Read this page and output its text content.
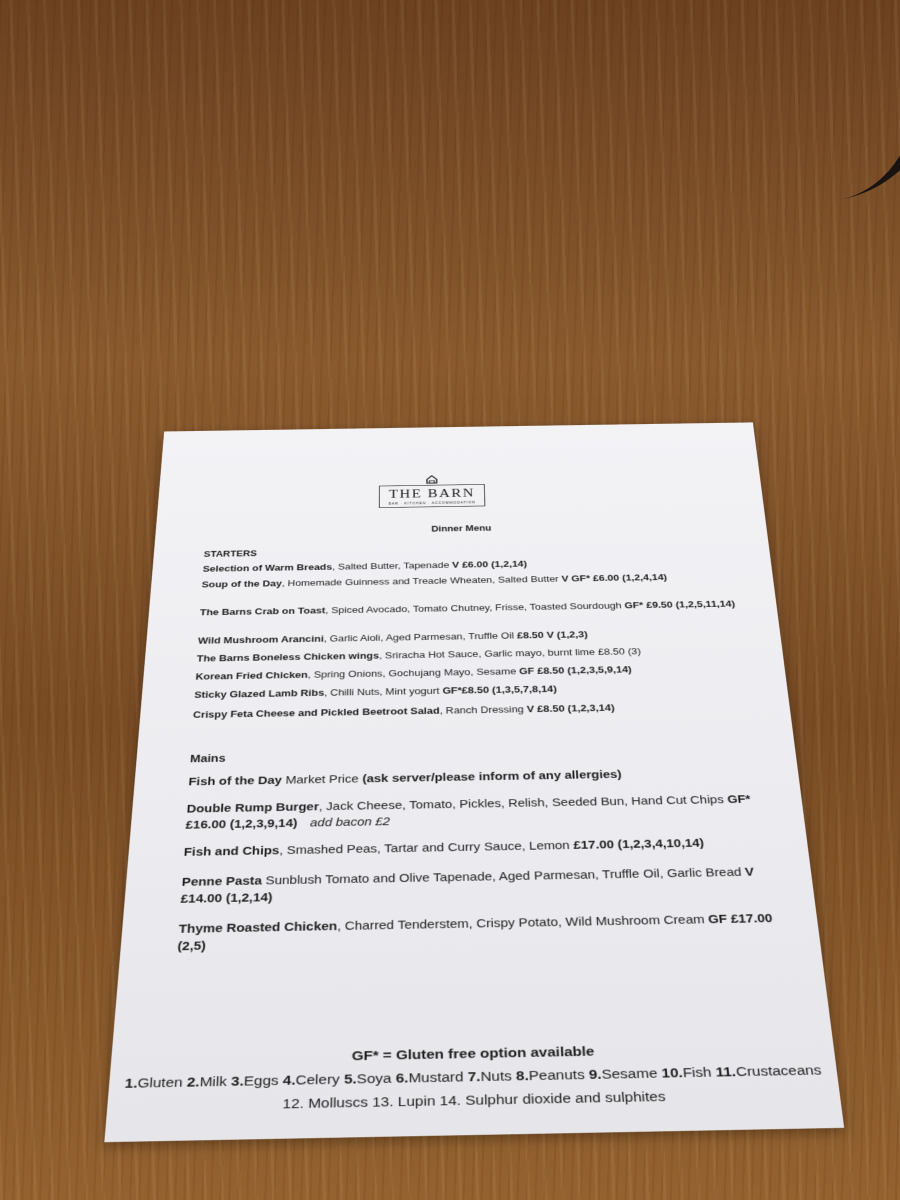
THE BARN
BAR · KITCHEN · ACCOMMODATION
Dinner Menu
STARTERS
Selection of Warm Breads, Salted Butter, Tapenade V £6.00 (1,2,14)
Soup of the Day, Homemade Guinness and Treacle Wheaten, Salted Butter V GF* £6.00 (1,2,4,14)
The Barns Crab on Toast, Spiced Avocado, Tomato Chutney, Frisse, Toasted Sourdough GF* £9.50 (1,2,5,11,14)
Wild Mushroom Arancini, Garlic Aioli, Aged Parmesan, Truffle Oil £8.50 V (1,2,3)
The Barns Boneless Chicken wings, Sriracha Hot Sauce, Garlic mayo, burnt lime £8.50 (3)
Korean Fried Chicken, Spring Onions, Gochujang Mayo, Sesame GF £8.50 (1,2,3,5,9,14)
Sticky Glazed Lamb Ribs, Chilli Nuts, Mint yogurt GF*£8.50 (1,3,5,7,8,14)
Crispy Feta Cheese and Pickled Beetroot Salad, Ranch Dressing V £8.50 (1,2,3,14)
Mains
Fish of the Day Market Price (ask server/please inform of any allergies)
Double Rump Burger, Jack Cheese, Tomato, Pickles, Relish, Seeded Bun, Hand Cut Chips GF* £16.00 (1,2,3,9,14) add bacon £2
Fish and Chips, Smashed Peas, Tartar and Curry Sauce, Lemon £17.00 (1,2,3,4,10,14)
Penne Pasta Sunblush Tomato and Olive Tapenade, Aged Parmesan, Truffle Oil, Garlic Bread V £14.00 (1,2,14)
Thyme Roasted Chicken, Charred Tenderstem, Crispy Potato, Wild Mushroom Cream GF £17.00 (2,5)
GF* = Gluten free option available
1.Gluten 2.Milk 3.Eggs 4.Celery 5.Soya 6.Mustard 7.Nuts 8.Peanuts 9.Sesame 10.Fish 11.Crustaceans
12. Molluscs 13. Lupin 14. Sulphur dioxide and sulphites
